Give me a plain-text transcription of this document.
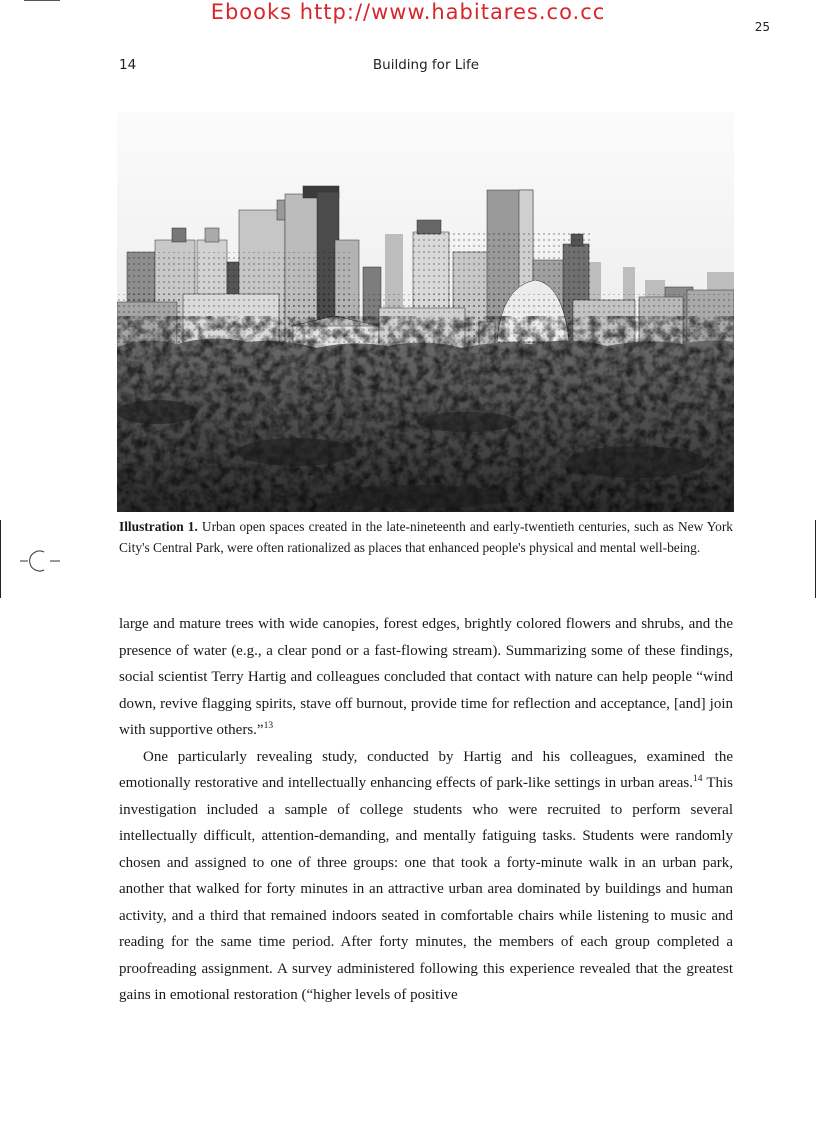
Ebooks http://www.habitares.co.cc
25
14	Building for Life
Illustration 1. Urban open spaces created in the late-nineteenth and early-twentieth centuries, such as New York City's Central Park, were often rationalized as places that enhanced people's physical and mental well-being.

large and mature trees with wide canopies, forest edges, brightly colored flowers and shrubs, and the presence of water (e.g., a clear pond or a fast-flowing stream). Summarizing some of these findings, social scientist Terry Hartig and colleagues concluded that contact with nature can help people “wind down, revive flagging spirits, stave off burnout, provide time for reflection and acceptance, [and] join with supportive others.”$^{13}$

One particularly revealing study, conducted by Hartig and his colleagues, examined the emotionally restorative and intellectually enhancing effects of park-like settings in urban areas.$^{14}$ This investigation included a sample of college students who were recruited to perform several intellectually difficult, attention-demanding, and mentally fatiguing tasks. Students were randomly chosen and assigned to one of three groups: one that took a forty-minute walk in an urban park, another that walked for forty minutes in an attractive urban area dominated by buildings and human activity, and a third that remained indoors seated in comfortable chairs while listening to music and reading for the same time period. After forty minutes, the members of each group completed a proofreading assignment. A survey administered following this experience revealed that the greatest gains in emotional restoration (“higher levels of positive
